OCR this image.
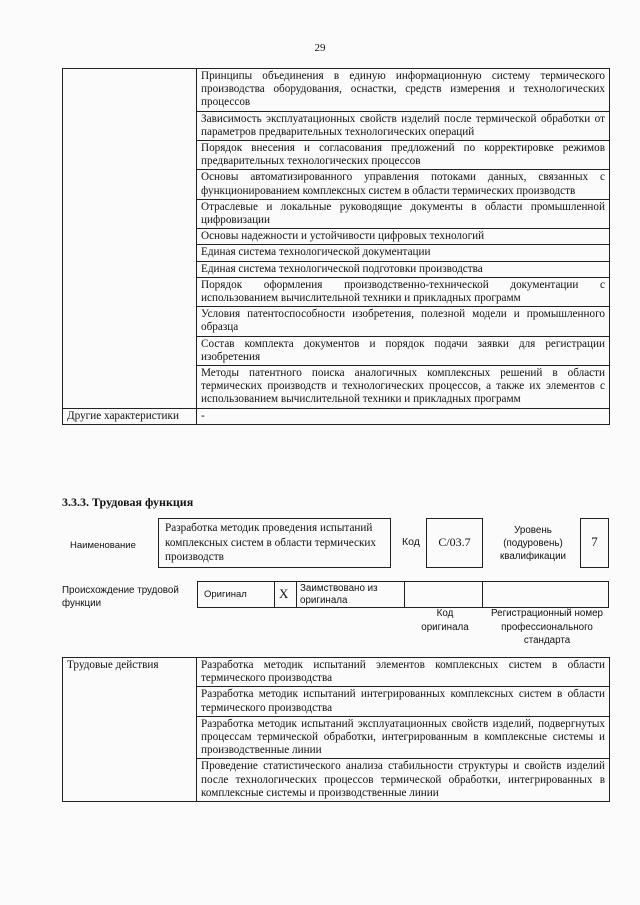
29
	Принципы объединения в единую информационную систему термического производства оборудования, оснастки, средств измерения и технологических процессов
	Зависимость эксплуатационных свойств изделий после термической обработки от параметров предварительных технологических операций
	Порядок внесения и согласования предложений по корректировке режимов предварительных технологических процессов
	Основы автоматизированного управления потоками данных, связанных с функционированием комплексных систем в области термических производств
	Отраслевые и локальные руководящие документы в области промышленной цифровизации
	Основы надежности и устойчивости цифровых технологий
	Единая система технологической документации
	Единая система технологической подготовки производства
	Порядок оформления производственно-технической документации с использованием вычислительной техники и прикладных программ
	Условия патентоспособности изобретения, полезной модели и промышленного образца
	Состав комплекта документов и порядок подачи заявки для регистрации изобретения
	Методы патентного поиска аналогичных комплексных решений в области термических производств и технологических процессов, а также их элементов с использованием вычислительной техники и прикладных программ
Другие характеристики	-
3.3.3. Трудовая функция
Наименование
Разработка методик проведения испытаний комплексных систем в области термических производств
Код	C/03.7
Уровень (подуровень) квалификации
7
Происхождение трудовой функции
Оригинал X Заимствовано из оригинала
Код оригинала
Регистрационный номер профессионального стандарта
Трудовые действия	Разработка методик испытаний элементов комплексных систем в области термического производства
Разработка методик испытаний интегрированных комплексных систем в области термического производства
Разработка методик испытаний эксплуатационных свойств изделий, подвергнутых процессам термической обработки, интегрированным в комплексные системы и производственные линии
Проведение статистического анализа стабильности структуры и свойств изделий после технологических процессов термической обработки, интегрированных в комплексные системы и производственные линии
